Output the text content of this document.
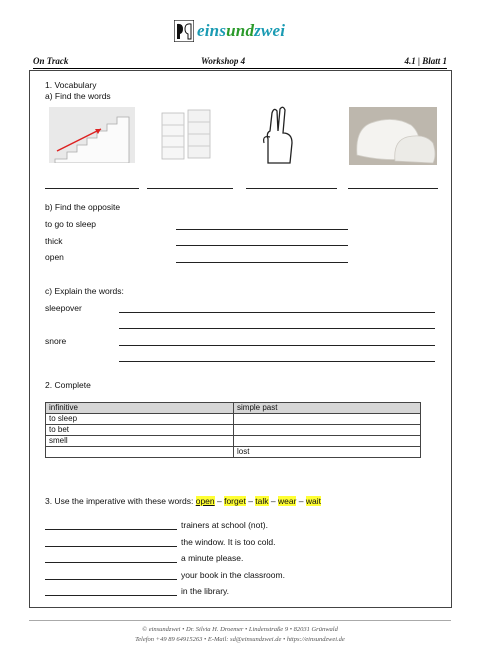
einsundzwei
On Track	Workshop 4	4.1 | Blatt 1
1. Vocabulary
a) Find the words
b) Find the opposite
to go to sleep
thick
open
c) Explain the words:
sleepover
snore
2. Complete
infinitive	simple past
to sleep	
to bet	
smell	
	lost
3. Use the imperative with these words: open – forget – talk – wear – wait
trainers at school (not).
the window. It is too cold.
a minute please.
your book in the classroom.
in the library.
© einsundzwei • Dr. Silvia H. Droemer • Lindenstraße 9 • 82031 Grünwald
Telefon +49 89 64915263 • E-Mail: sd@einsundzwei.de • https://einsundzwei.de
